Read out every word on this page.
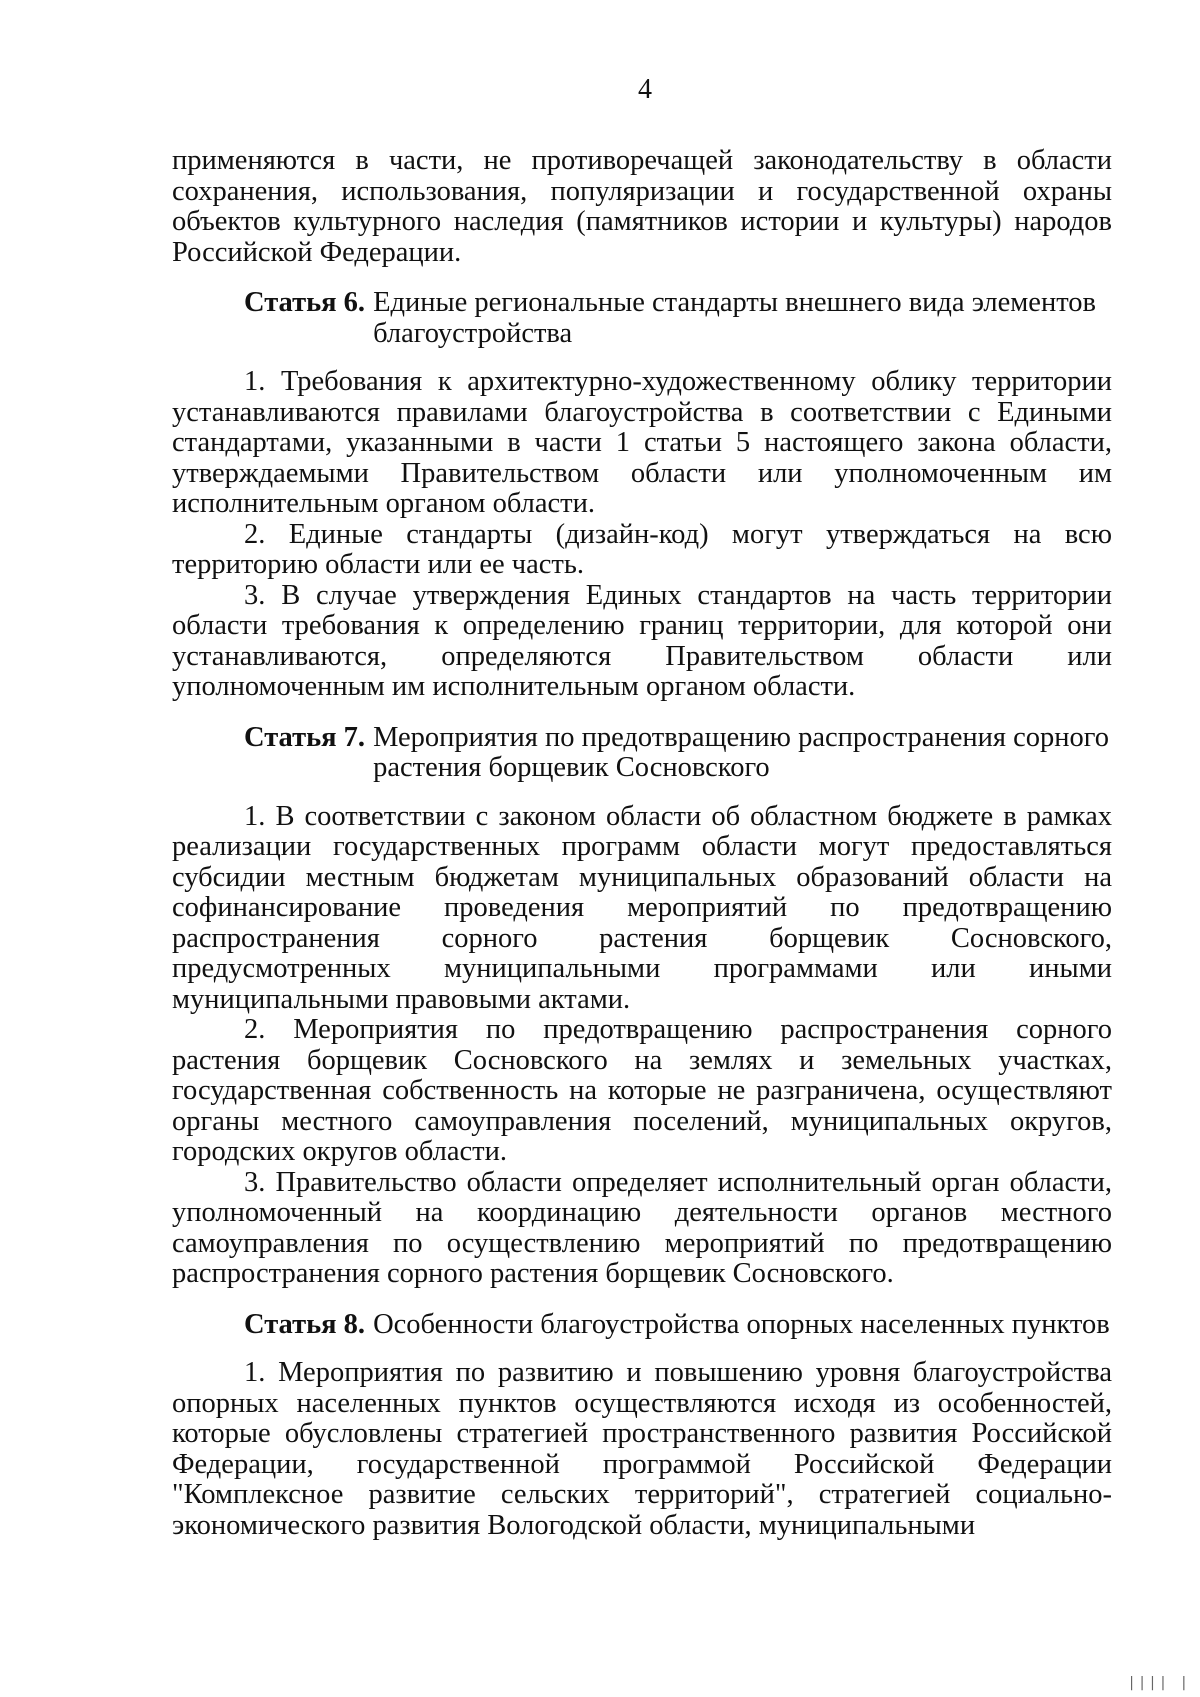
4

применяются в части, не противоречащей законодательству в области сохранения, использования, популяризации и государственной охраны объектов культурного наследия (памятников истории и культуры) народов Российской Федерации.

Статья 6. Единые региональные стандарты внешнего вида элементов благоустройства

1. Требования к архитектурно-художественному облику территории устанавливаются правилами благоустройства в соответствии с Едиными стандартами, указанными в части 1 статьи 5 настоящего закона области, утверждаемыми Правительством области или уполномоченным им исполнительным органом области.

2. Единые стандарты (дизайн-код) могут утверждаться на всю территорию области или ее часть.

3. В случае утверждения Единых стандартов на часть территории области требования к определению границ территории, для которой они устанавливаются, определяются Правительством области или уполномоченным им исполнительным органом области.

Статья 7. Мероприятия по предотвращению распространения сорного растения борщевик Сосновского

1. В соответствии с законом области об областном бюджете в рамках реализации государственных программ области могут предоставляться субсидии местным бюджетам муниципальных образований области на софинансирование проведения мероприятий по предотвращению распространения сорного растения борщевик Сосновского, предусмотренных муниципальными программами или иными муниципальными правовыми актами.

2. Мероприятия по предотвращению распространения сорного растения борщевик Сосновского на землях и земельных участках, государственная собственность на которые не разграничена, осуществляют органы местного самоуправления поселений, муниципальных округов, городских округов области.

3. Правительство области определяет исполнительный орган области, уполномоченный на координацию деятельности органов местного самоуправления по осуществлению мероприятий по предотвращению распространения сорного растения борщевик Сосновского.

Статья 8. Особенности благоустройства опорных населенных пунктов

1. Мероприятия по развитию и повышению уровня благоустройства опорных населенных пунктов осуществляются исходя из особенностей, которые обусловлены стратегией пространственного развития Российской Федерации, государственной программой Российской Федерации "Комплексное развитие сельских территорий", стратегией социально-экономического развития Вологодской области, муниципальными

|||| |
